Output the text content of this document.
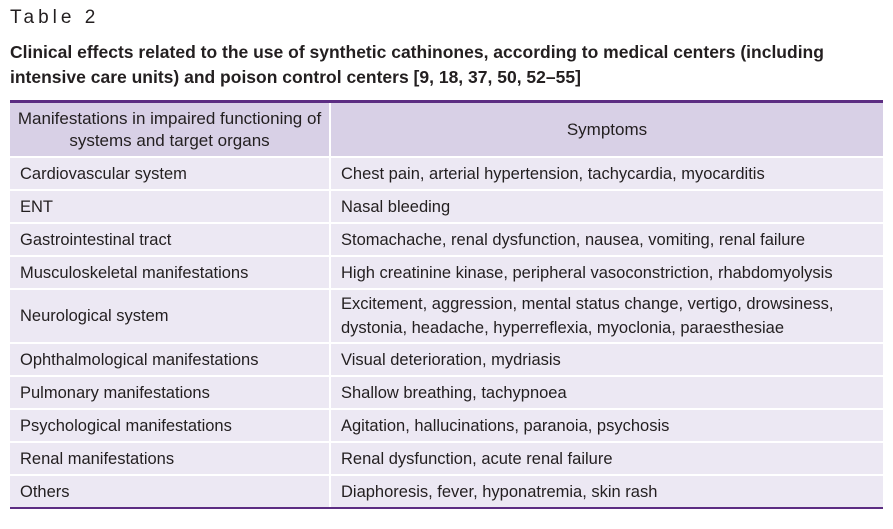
Table 2
Clinical effects related to the use of synthetic cathinones, according to medical centers (including intensive care units) and poison control centers [9, 18, 37, 50, 52–55]
Manifestations in impaired functioning of systems and target organs	Symptoms
Cardiovascular system	Chest pain, arterial hypertension, tachycardia, myocarditis
ENT	Nasal bleeding
Gastrointestinal tract	Stomachache, renal dysfunction, nausea, vomiting, renal failure
Musculoskeletal manifestations	High creatinine kinase, peripheral vasoconstriction, rhabdomyolysis
Neurological system	Excitement, aggression, mental status change, vertigo, drowsiness, dystonia, headache, hyperreflexia, myoclonia, paraesthesiae
Ophthalmological manifestations	Visual deterioration, mydriasis
Pulmonary manifestations	Shallow breathing, tachypnoea
Psychological manifestations	Agitation, hallucinations, paranoia, psychosis
Renal manifestations	Renal dysfunction, acute renal failure
Others	Diaphoresis, fever, hyponatremia, skin rash
